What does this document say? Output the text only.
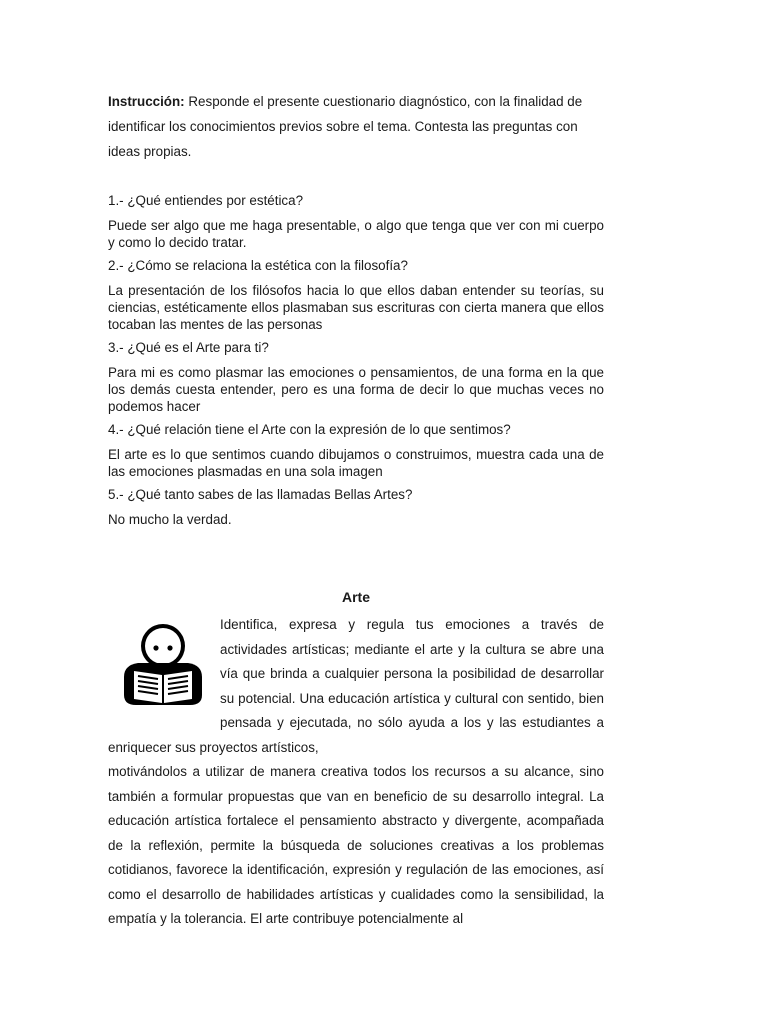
Instrucción: Responde el presente cuestionario diagnóstico, con la finalidad de identificar los conocimientos previos sobre el tema. Contesta las preguntas con ideas propias.

1.- ¿Qué entiendes por estética?

Puede ser algo que me haga presentable, o algo que tenga que ver con mi cuerpo y como lo decido tratar.

2.- ¿Cómo se relaciona la estética con la filosofía?

La presentación de los filósofos hacia lo que ellos daban entender su teorías, su ciencias, estéticamente ellos plasmaban sus escrituras con cierta manera que ellos tocaban las mentes de las personas

3.- ¿Qué es el Arte para ti?

Para mi es como plasmar las emociones o pensamientos, de una forma en la que los demás cuesta entender, pero es una forma de decir lo que muchas veces no podemos hacer

4.- ¿Qué relación tiene el Arte con la expresión de lo que sentimos?

El arte es lo que sentimos cuando dibujamos o construimos, muestra cada una de las emociones plasmadas en una sola imagen

5.- ¿Qué tanto sabes de las llamadas Bellas Artes?

No mucho la verdad.

Arte

Identifica, expresa y regula tus emociones a través de actividades artísticas; mediante el arte y la cultura se abre una vía que brinda a cualquier persona la posibilidad de desarrollar su potencial. Una educación artística y cultural con sentido, bien pensada y ejecutada, no sólo ayuda a los y las estudiantes a enriquecer sus proyectos artísticos,

motivándolos a utilizar de manera creativa todos los recursos a su alcance, sino también a formular propuestas que van en beneficio de su desarrollo integral. La educación artística fortalece el pensamiento abstracto y divergente, acompañada de la reflexión, permite la búsqueda de soluciones creativas a los problemas cotidianos, favorece la identificación, expresión y regulación de las emociones, así como el desarrollo de habilidades artísticas y cualidades como la sensibilidad, la empatía y la tolerancia. El arte contribuye potencialmente al
